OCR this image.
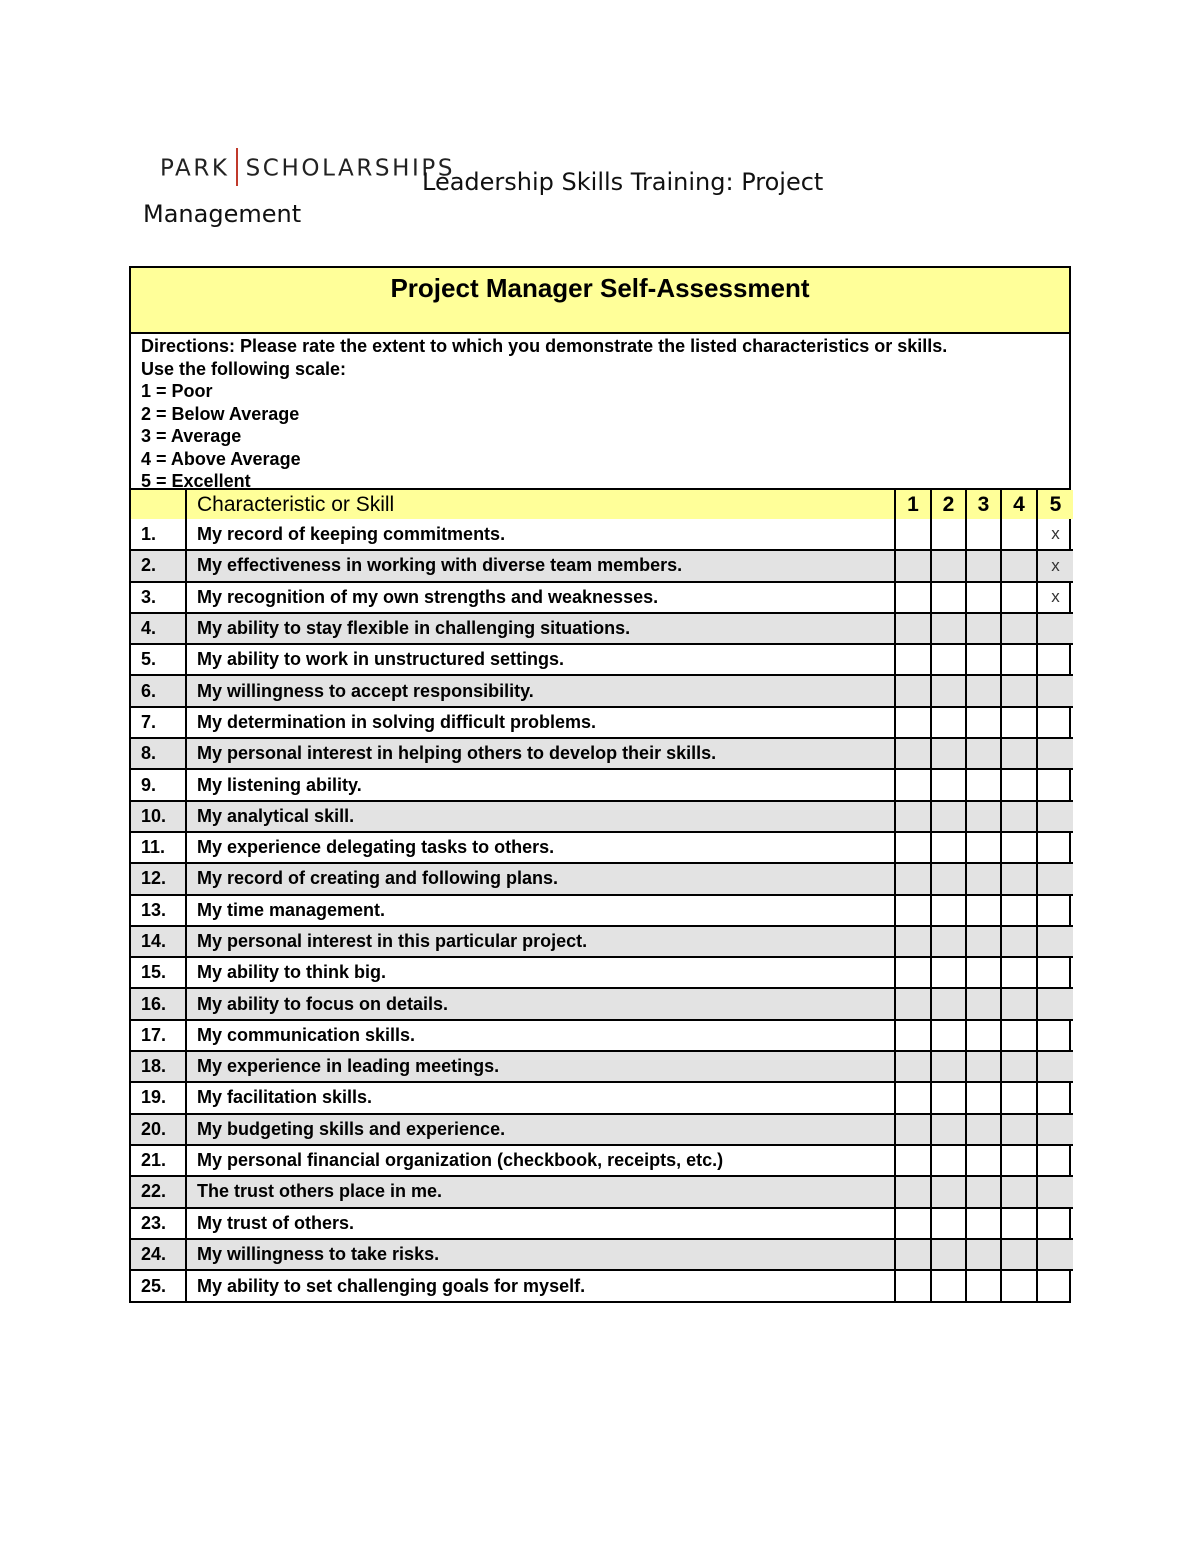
PARK SCHOLARSHIPS
Leadership Skills Training: Project
Management
Project Manager Self-Assessment
Directions: Please rate the extent to which you demonstrate the listed characteristics or skills.
Use the following scale:
1 = Poor
2 = Below Average
3 = Average
4 = Above Average
5 = Excellent
	Characteristic or Skill	1	2	3	4	5
1.	My record of keeping commitments.					x
2.	My effectiveness in working with diverse team members.					x
3.	My recognition of my own strengths and weaknesses.					x
4.	My ability to stay flexible in challenging situations.					
5.	My ability to work in unstructured settings.					
6.	My willingness to accept responsibility.					
7.	My determination in solving difficult problems.					
8.	My personal interest in helping others to develop their skills.					
9.	My listening ability.					
10.	My analytical skill.					
11.	My experience delegating tasks to others.					
12.	My record of creating and following plans.					
13.	My time management.					
14.	My personal interest in this particular project.					
15.	My ability to think big.					
16.	My ability to focus on details.					
17.	My communication skills.					
18.	My experience in leading meetings.					
19.	My facilitation skills.					
20.	My budgeting skills and experience.					
21.	My personal financial organization (checkbook, receipts, etc.)					
22.	The trust others place in me.					
23.	My trust of others.					
24.	My willingness to take risks.					
25.	My ability to set challenging goals for myself.					
